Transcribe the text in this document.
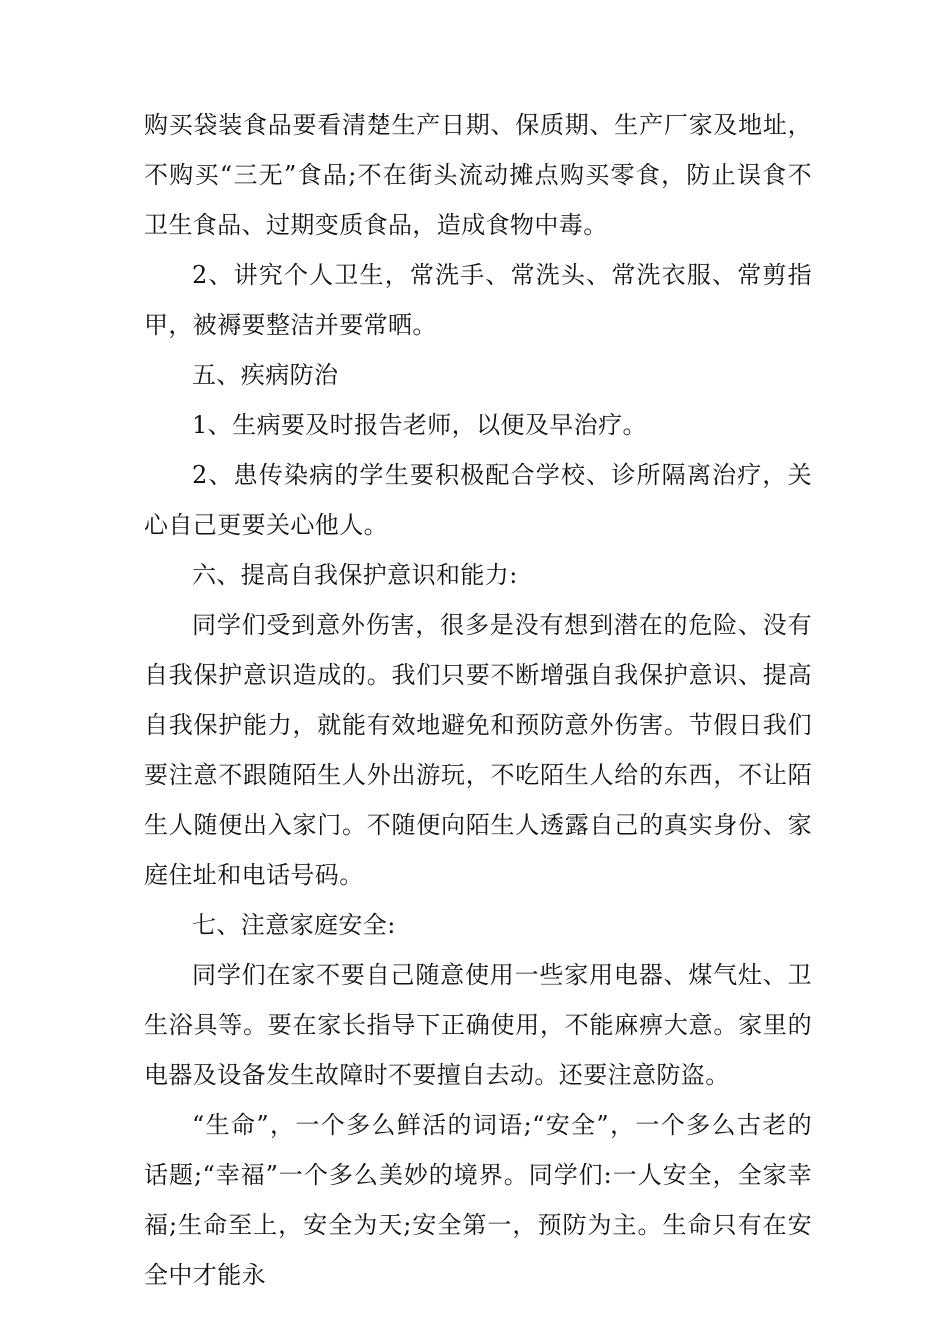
购买袋装食品要看清楚生产日期、保质期、生产厂家及地址，不购买“三无”食品;不在街头流动摊点购买零食，防止误食不卫生食品、过期变质食品，造成食物中毒。

2、讲究个人卫生，常洗手、常洗头、常洗衣服、常剪指甲，被褥要整洁并要常晒。

五、疾病防治

1、生病要及时报告老师，以便及早治疗。

2、患传染病的学生要积极配合学校、诊所隔离治疗，关心自己更要关心他人。

六、提高自我保护意识和能力:

同学们受到意外伤害，很多是没有想到潜在的危险、没有自我保护意识造成的。我们只要不断增强自我保护意识、提高自我保护能力，就能有效地避免和预防意外伤害。节假日我们要注意不跟随陌生人外出游玩，不吃陌生人给的东西，不让陌生人随便出入家门。不随便向陌生人透露自己的真实身份、家庭住址和电话号码。

七、注意家庭安全:

同学们在家不要自己随意使用一些家用电器、煤气灶、卫生浴具等。要在家长指导下正确使用，不能麻痹大意。家里的电器及设备发生故障时不要擅自去动。还要注意防盗。

“生命”，一个多么鲜活的词语;“安全”，一个多么古老的话题;“幸福”一个多么美妙的境界。同学们:一人安全，全家幸福;生命至上，安全为天;安全第一，预防为主。生命只有在安全中才能永
